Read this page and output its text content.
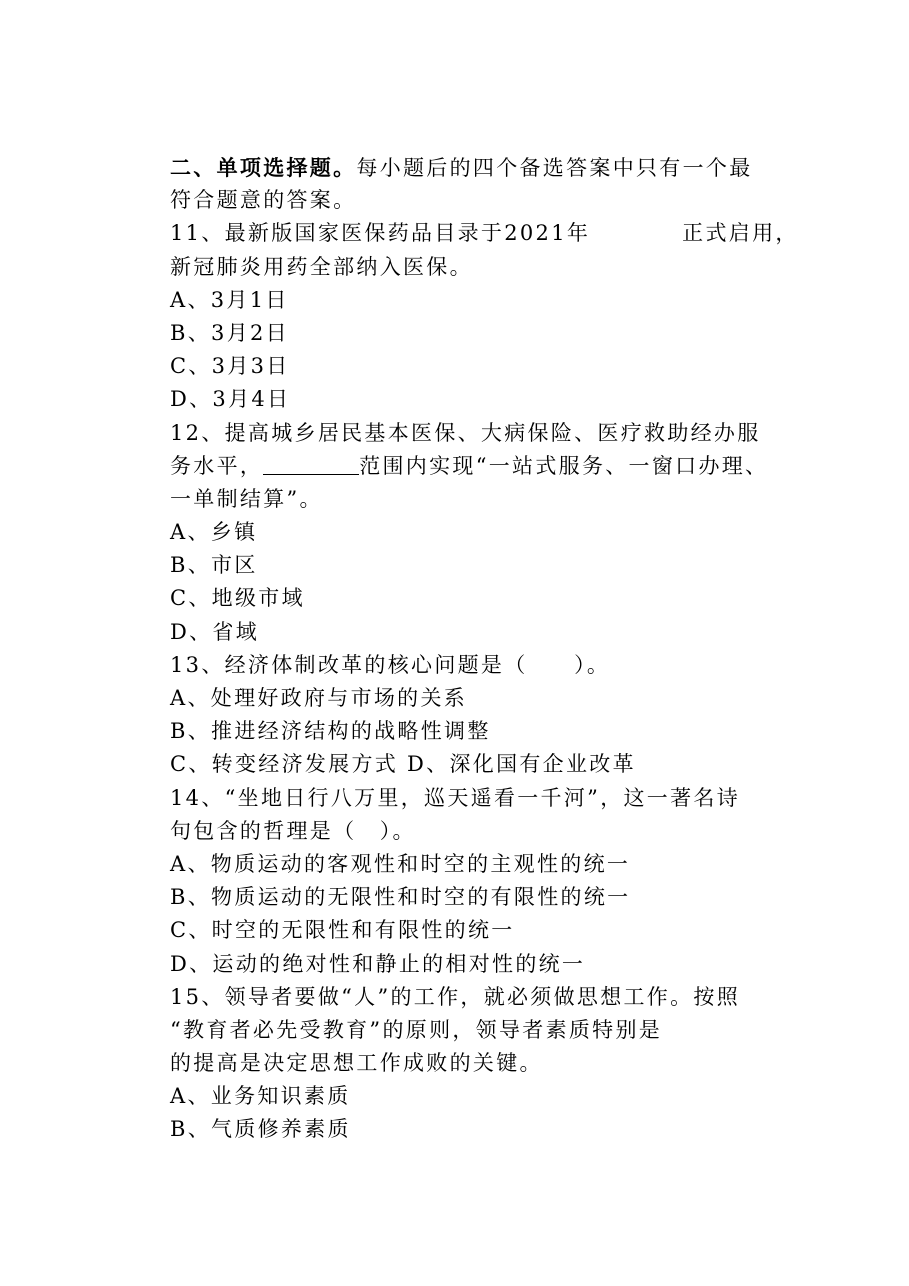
二、单项选择题。每小题后的四个备选答案中只有一个最
符合题意的答案。
11、最新版国家医保药品目录于2021年	正式启用，
新冠肺炎用药全部纳入医保。
A、3月1日
B、3月2日
C、3月3日
D、3月4日
12、提高城乡居民基本医保、大病保险、医疗救助经办服
务水平，	范围内实现“一站式服务、一窗口办理、
一单制结算”。
A、乡镇
B、市区
C、地级市域
D、省域
13、经济体制改革的核心问题是（　　）。
A、处理好政府与市场的关系
B、推进经济结构的战略性调整
C、转变经济发展方式 D、深化国有企业改革
14、“坐地日行八万里，巡天遥看一千河”，这一著名诗
句包含的哲理是（　）。
A、物质运动的客观性和时空的主观性的统一
B、物质运动的无限性和时空的有限性的统一
C、时空的无限性和有限性的统一
D、运动的绝对性和静止的相对性的统一
15、领导者要做“人”的工作，就必须做思想工作。按照
“教育者必先受教育”的原则，领导者素质特别是
的提高是决定思想工作成败的关键。
A、业务知识素质
B、气质修养素质
